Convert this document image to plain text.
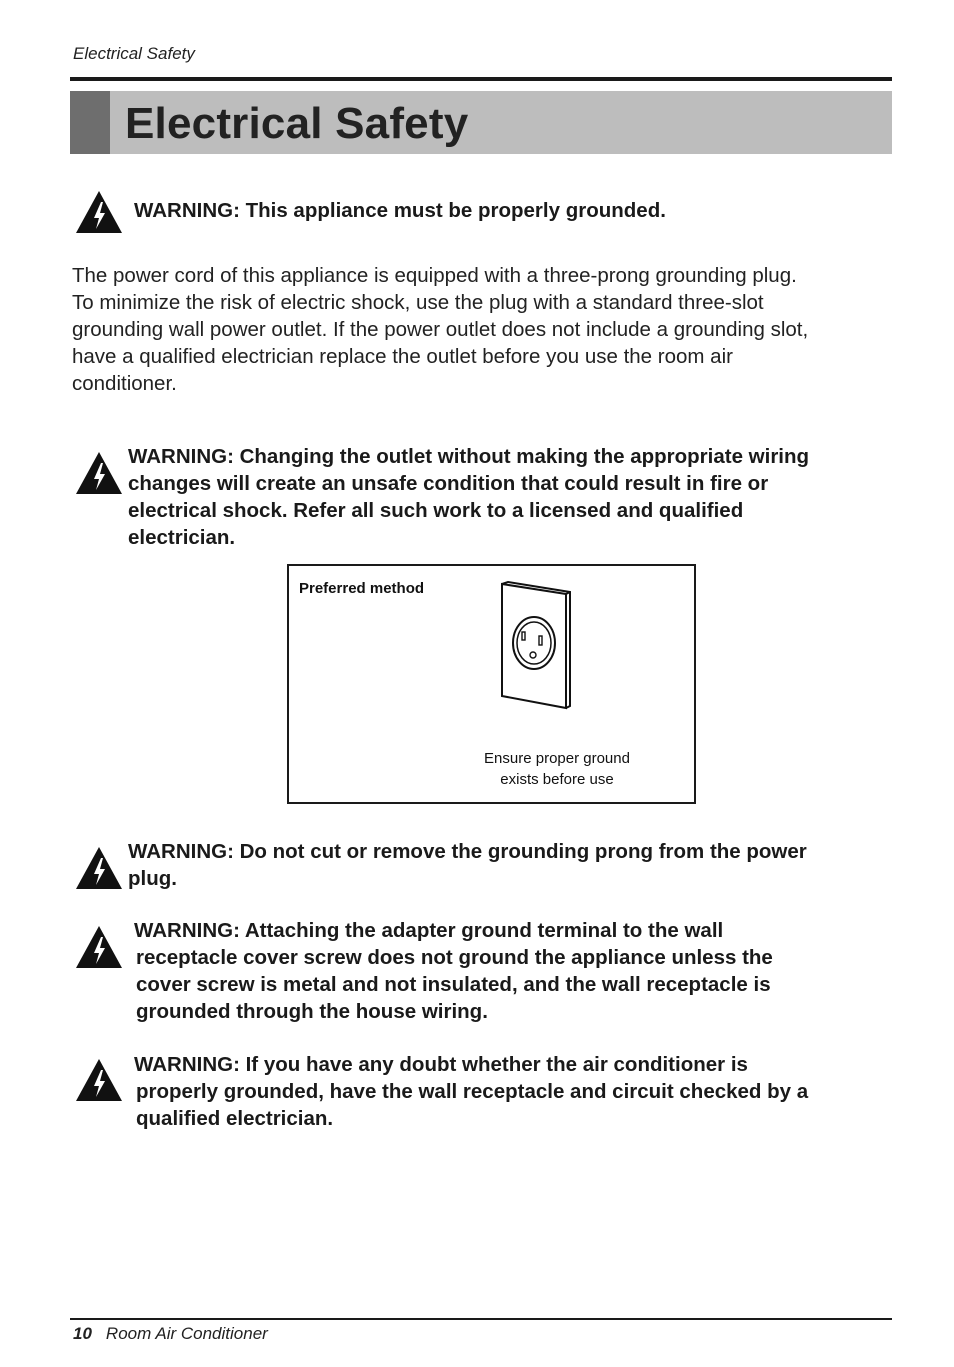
Electrical Safety
Electrical Safety
WARNING: This appliance must be properly grounded.
The power cord of this appliance is equipped with a three-prong grounding plug.
To minimize the risk of electric shock, use the plug with a standard three-slot
grounding wall power outlet. If the power outlet does not include a grounding slot,
have a qualified electrician replace the outlet before you use the room air
conditioner.
WARNING: Changing the outlet without making the appropriate wiring
changes will create an unsafe condition that could result in fire or
electrical shock. Refer all such work to a licensed and qualified
electrician.
Preferred method
Ensure proper ground
exists before use
WARNING: Do not cut or remove the grounding prong from the power
plug.
WARNING: Attaching the adapter ground terminal to the wall
receptacle cover screw does not ground the appliance unless the
cover screw is metal and not insulated, and the wall receptacle is
grounded through the house wiring.
WARNING: If you have any doubt whether the air conditioner is
properly grounded, have the wall receptacle and circuit checked by a
qualified electrician.
10 Room Air Conditioner
